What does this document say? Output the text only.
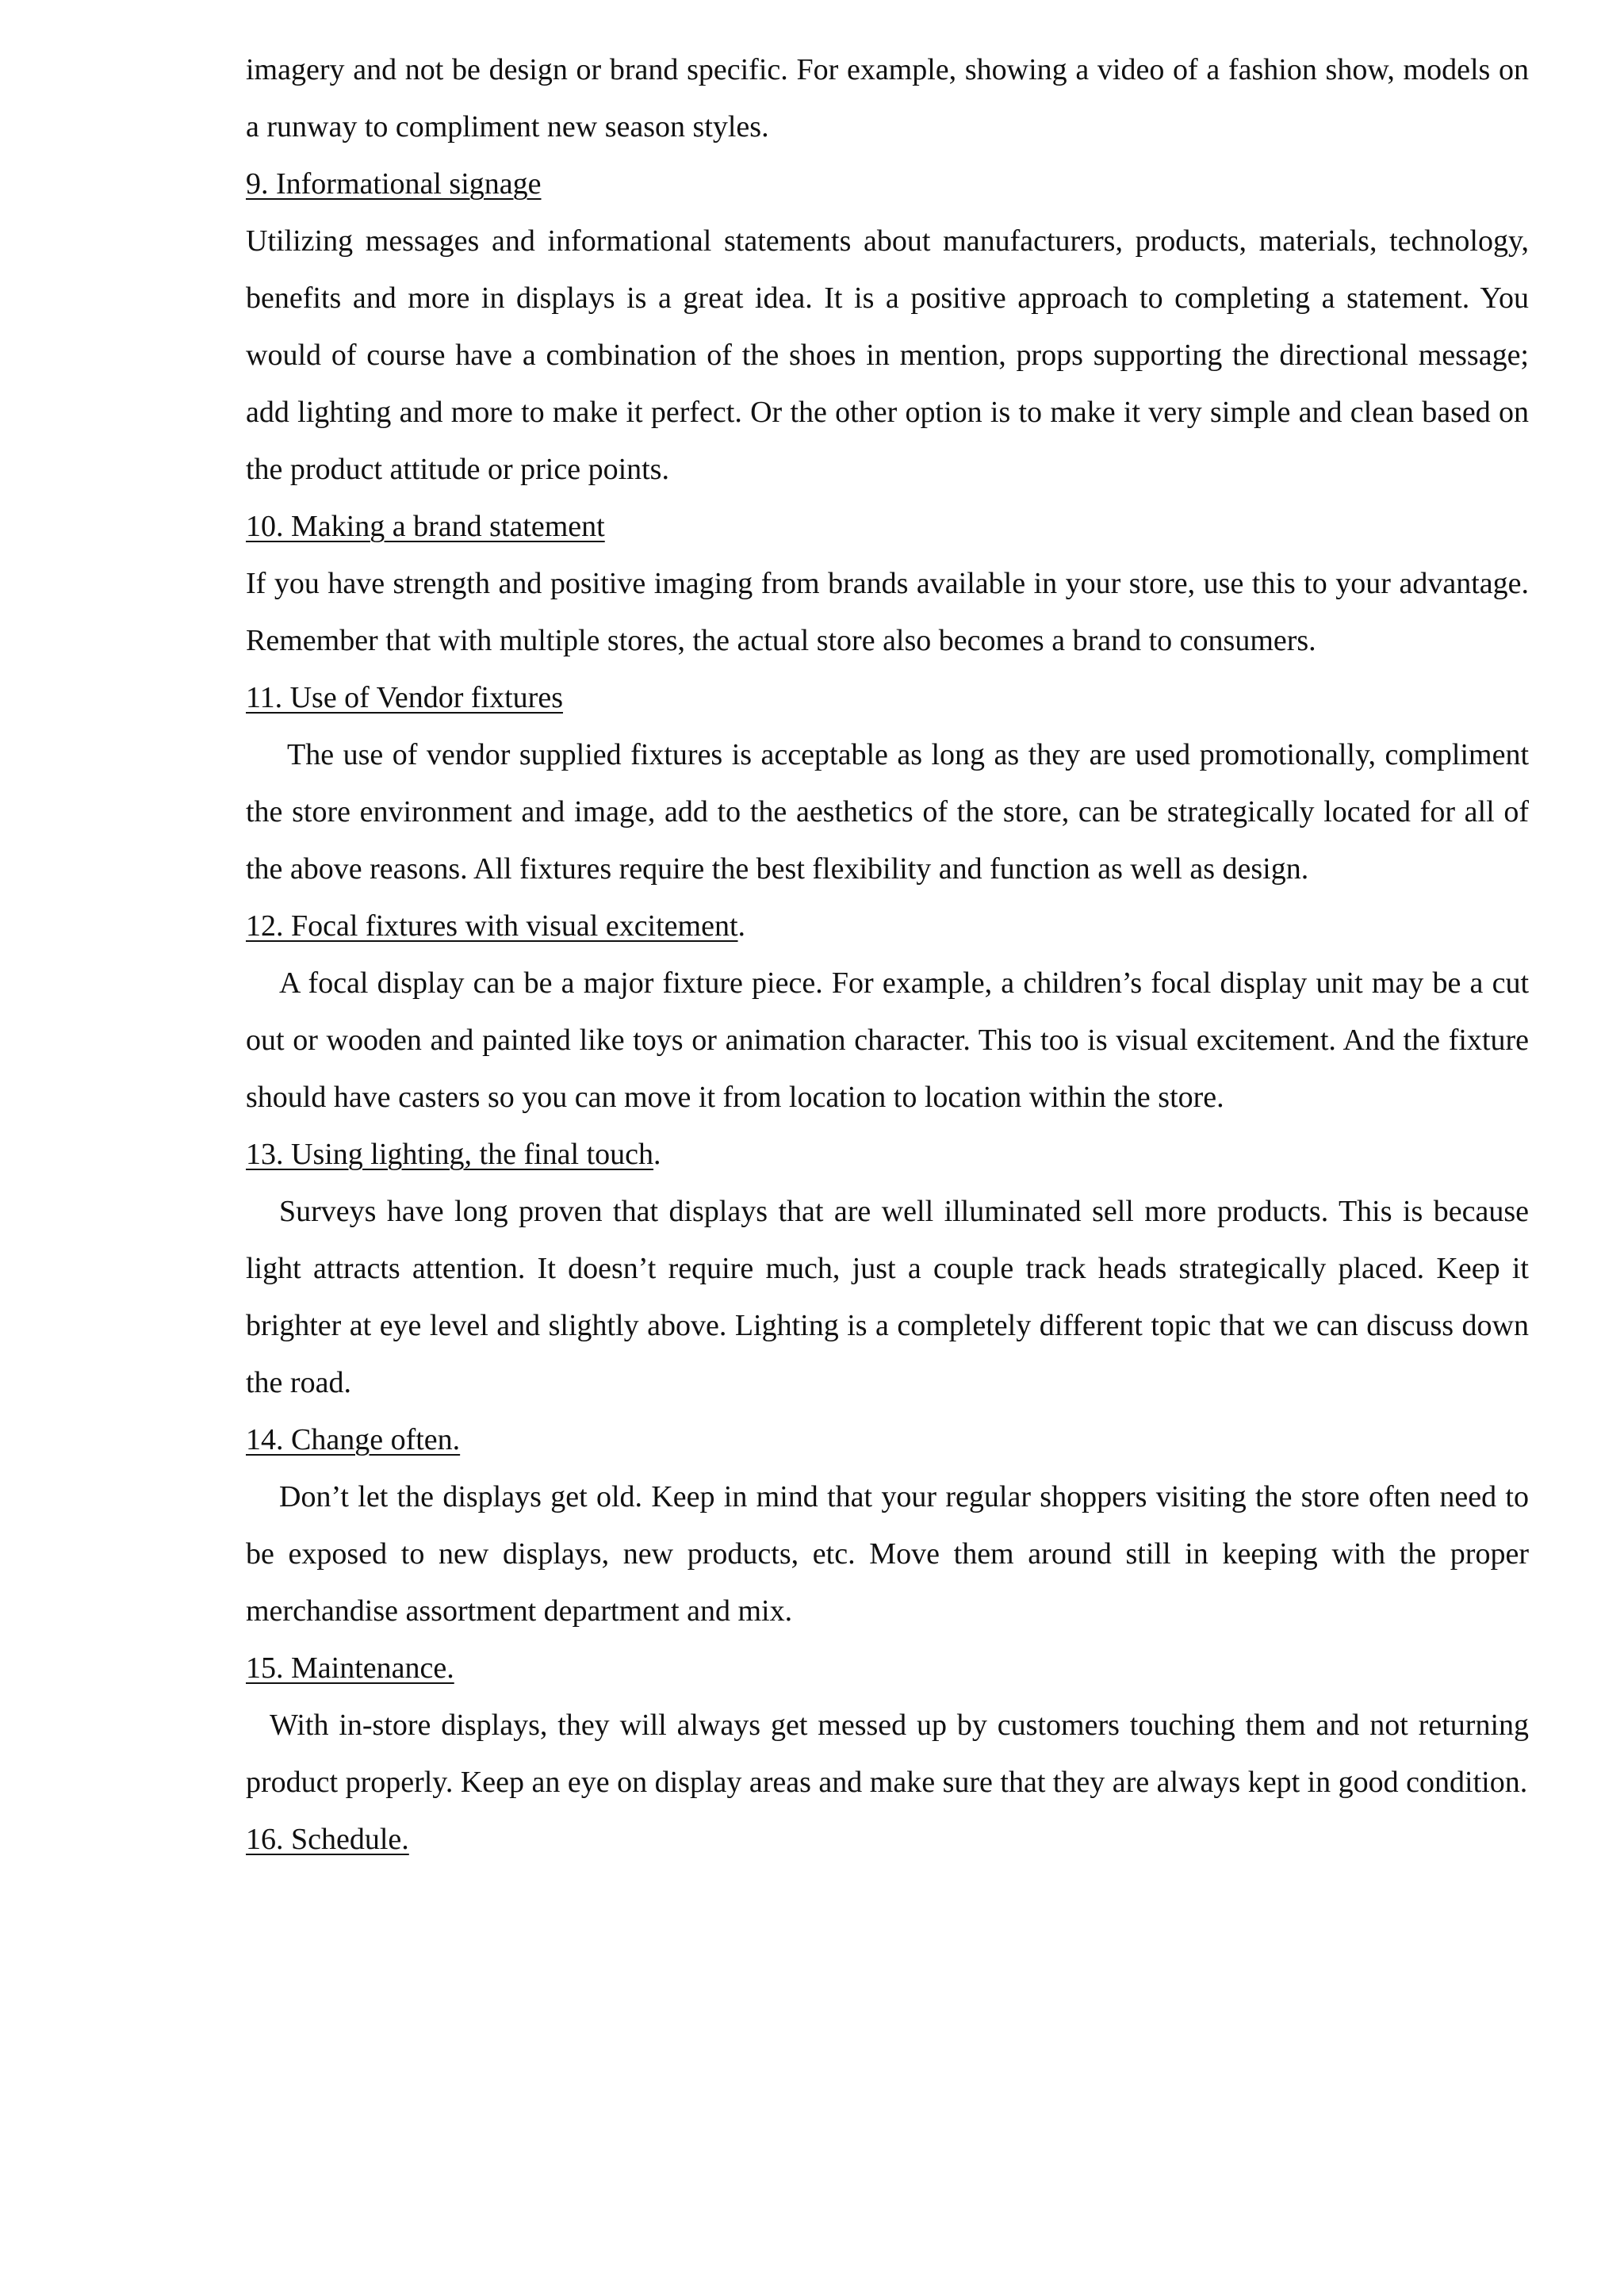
imagery and not be design or brand specific. For example, showing a video of a fashion show, models on a runway to compliment new season styles.

9. Informational signage

Utilizing messages and informational statements about manufacturers, products, materials, technology, benefits and more in displays is a great idea. It is a positive approach to completing a statement. You would of course have a combination of the shoes in mention, props supporting the directional message; add lighting and more to make it perfect. Or the other option is to make it very simple and clean based on the product attitude or price points.

10. Making a brand statement

If you have strength and positive imaging from brands available in your store, use this to your advantage. Remember that with multiple stores, the actual store also becomes a brand to consumers.

11. Use of Vendor fixtures

The use of vendor supplied fixtures is acceptable as long as they are used promotionally, compliment the store environment and image, add to the aesthetics of the store, can be strategically located for all of the above reasons. All fixtures require the best flexibility and function as well as design.

12. Focal fixtures with visual excitement.

A focal display can be a major fixture piece. For example, a children’s focal display unit may be a cut out or wooden and painted like toys or animation character. This too is visual excitement. And the fixture should have casters so you can move it from location to location within the store.

13. Using lighting, the final touch.

Surveys have long proven that displays that are well illuminated sell more products. This is because light attracts attention. It doesn’t require much, just a couple track heads strategically placed. Keep it brighter at eye level and slightly above. Lighting is a completely different topic that we can discuss down the road.

14. Change often.

Don’t let the displays get old. Keep in mind that your regular shoppers visiting the store often need to be exposed to new displays, new products, etc. Move them around still in keeping with the proper merchandise assortment department and mix.

15. Maintenance.

With in-store displays, they will always get messed up by customers touching them and not returning product properly. Keep an eye on display areas and make sure that they are always kept in good condition.

16. Schedule.
